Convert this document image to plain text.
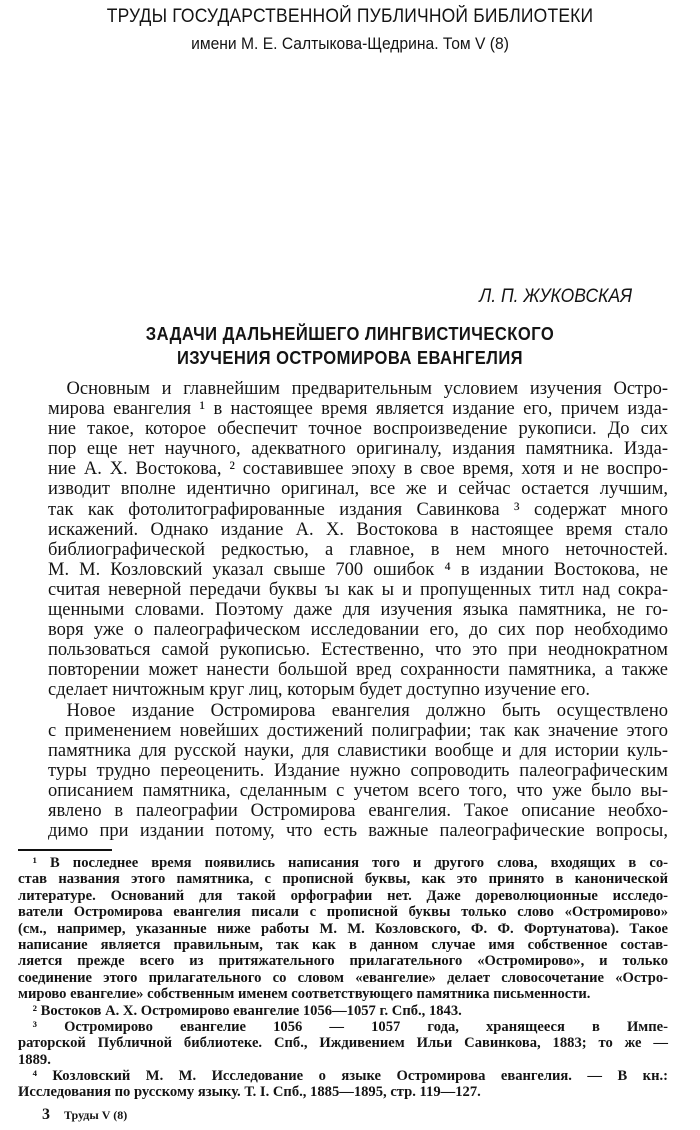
ТРУДЫ ГОСУДАРСТВЕННОЙ ПУБЛИЧНОЙ БИБЛИОТЕКИ
имени М. Е. Салтыкова-Щедрина. Том V (8)
Л. П. ЖУКОВСКАЯ
ЗАДАЧИ ДАЛЬНЕЙШЕГО ЛИНГВИСТИЧЕСКОГО
ИЗУЧЕНИЯ ОСТРОМИРОВА ЕВАНГЕЛИЯ
 Основным и главнейшим предварительным условием изучения Остро-
мирова евангелия ¹ в настоящее время является издание его, причем изда-
ние такое, которое обеспечит точное воспроизведение рукописи. До сих
пор еще нет научного, адекватного оригиналу, издания памятника. Изда-
ние А. Х. Востокова, ² составившее эпоху в свое время, хотя и не воспро-
изводит вполне идентично оригинал, все же и сейчас остается лучшим,
так как фотолитографированные издания Савинкова ³ содержат много
искажений. Однако издание А. Х. Востокова в настоящее время стало
библиографической редкостью, а главное, в нем много неточностей.
М. М. Козловский указал свыше 700 ошибок ⁴ в издании Востокова, не
считая неверной передачи буквы ъı как ы и пропущенных титл над сокра-
щенными словами. Поэтому даже для изучения языка памятника, не го-
воря уже о палеографическом исследовании его, до сих пор необходимо
пользоваться самой рукописью. Естественно, что это при неоднократном
повторении может нанести большой вред сохранности памятника, а также
сделает ничтожным круг лиц, которым будет доступно изучение его.
 Новое издание Остромирова евангелия должно быть осуществлено
с применением новейших достижений полиграфии; так как значение этого
памятника для русской науки, для славистики вообще и для истории куль-
туры трудно переоценить. Издание нужно сопроводить палеографическим
описанием памятника, сделанным с учетом всего того, что уже было вы-
явлено в палеографии Остромирова евангелия. Такое описание необхо-
димо при издании потому, что есть важные палеографические вопросы,
 ¹ В последнее время появились написания того и другого слова, входящих в со-
став названия этого памятника, с прописной буквы, как это принято в канонической
литературе. Оснований для такой орфографии нет. Даже дореволюционные исследо-
ватели Остромирова евангелия писали с прописной буквы только слово «Остромирово»
(см., например, указанные ниже работы М. М. Козловского, Ф. Ф. Фортунатова). Такое
написание является правильным, так как в данном случае имя собственное состав-
ляется прежде всего из притяжательного прилагательного «Остромирово», и только
соединение этого прилагательного со словом «евангелие» делает словосочетание «Остро-
мирово евангелие» собственным именем соответствующего памятника письменности.
 ² Востоков А. Х. Остромирово евангелие 1056—1057 г. Спб., 1843.
 ³ Остромирово евангелие 1056 — 1057 года, хранящееся в Импе-
раторской Публичной библиотеке. Спб., Иждивением Ильи Савинкова, 1883; то же —
1889.
 ⁴ Козловский М. М. Исследование о языке Остромирова евангелия. — В кн.:
Исследования по русскому языку. Т. I. Спб., 1885—1895, стр. 119—127.
3 Труды V (8)
